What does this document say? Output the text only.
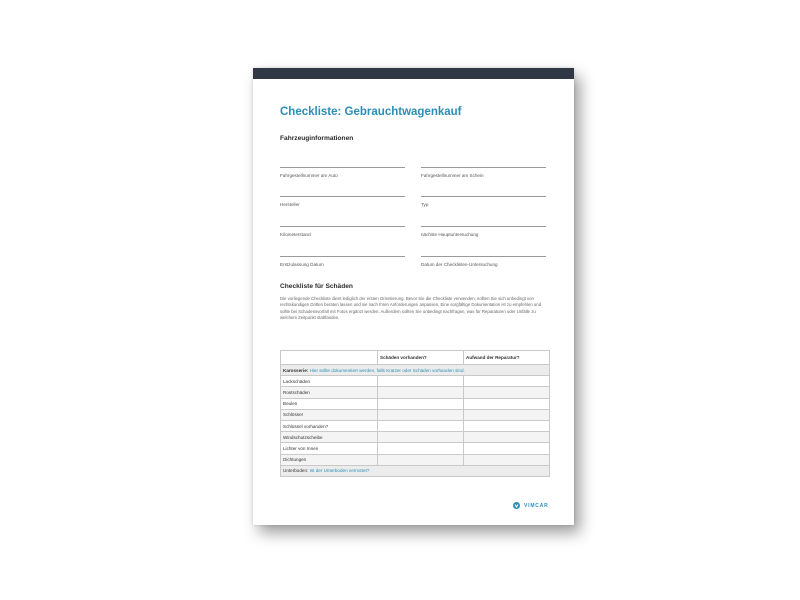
Checkliste: Gebrauchtwagenkauf
Fahrzeuginformationen
Fahrgestellnummer am Auto	Fahrgestellnummer am Schein
Hersteller	Typ
Kilometerstand	nächste Hauptuntersuchung
Erstzulassung Datum	Datum der Checklisten-Untersuchung
Checkliste für Schäden
Die vorliegende Checkliste dient lediglich der ersten Orientierung. Bevor Sie die Checkliste verwenden, sollten Sie sich unbedingt von rechtskundigen Dritten beraten lassen und sie nach Ihren Anforderungen anpassen. Eine sorgfältige Dokumentation ist zu empfehlen und sollte bei Schadensvorfall mit Fotos ergänzt werden. Außerdem sollten Sie unbedingt nachfragen, was für Reparaturen oder Unfälle zu welchem Zeitpunkt stattfanden.
	Schäden vorhanden?	Aufwand der Reparatur?
Karosserie: Hier sollte dokumentiert werden, falls Kratzer oder Schäden vorhanden sind.		
Lackschäden		
Rostschäden		
Beulen		
Schlösser		
Schlüssel vorhanden?		
Windschutzscheibe		
Lichter von Innen		
Dichtungen		
Unterboden: Ist der Unterboden verrostet?		
VIMCAR
